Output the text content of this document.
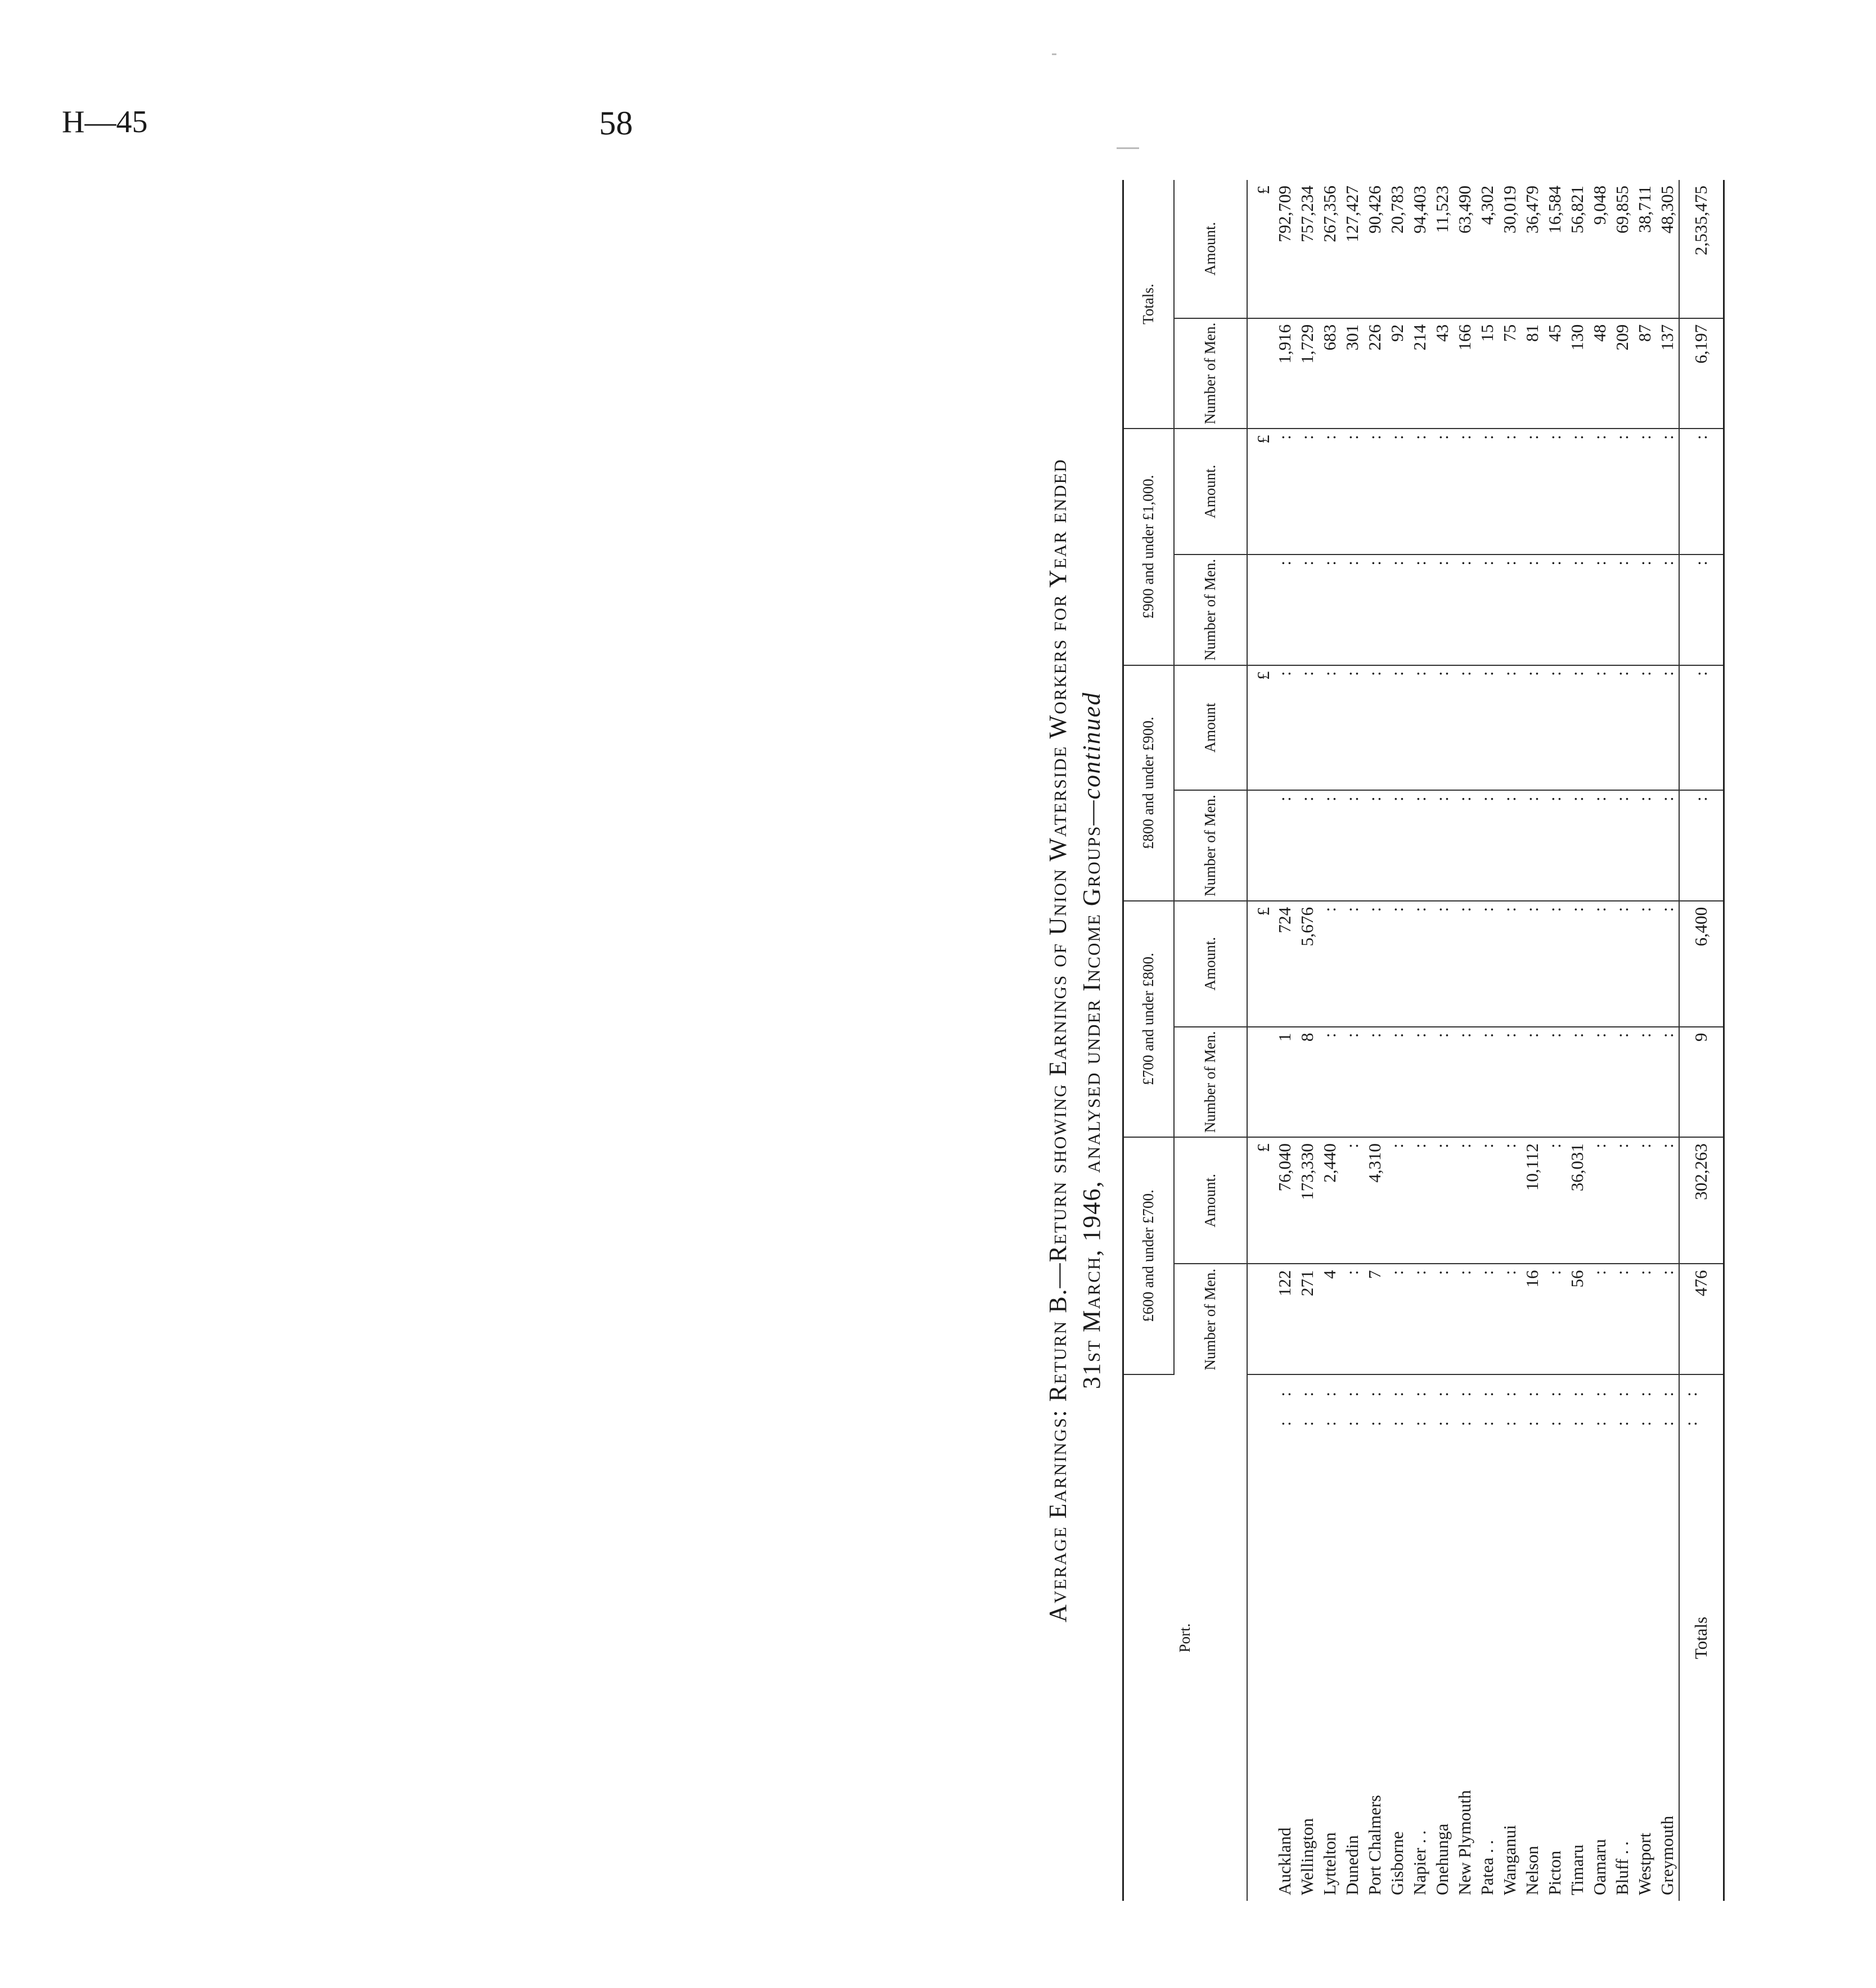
H—45	58
Average Earnings: Return B.—Return showing Earnings of Union Waterside Workers for Year ended 31st March, 1946, analysed under Income Groups—continued
Port.	£600 and under £700.		£700 and under £800.		£800 and under £900.		£900 and under £1,000.		Totals.	
	Number of Men.	Amount.	Number of Men.	Amount.	Number of Men.	Amount	Number of Men.	Amount.	Number of Men.	Amount.
		£		£		£		£		£
Auckland
: :	122	76,040	1	724	:	:	:	:	1,916	792,709
Wellington
: :	271	173,330	8	5,676	:	:	:	:	1,729	757,234
Lyttelton
: :	4	2,440	:	:	:	:	:	:	683	267,356
Dunedin
: :	:	:	:	:	:	:	:	:	301	127,427
Port Chalmers
: :	7	4,310	:	:	:	:	:	:	226	90,426
Gisborne
: :	:	:	:	:	:	:	:	:	92	20,783
Napier . .
: :	:	:	:	:	:	:	:	:	214	94,403
Onehunga
: :	:	:	:	:	:	:	:	:	43	11,523
New Plymouth
: :	:	:	:	:	:	:	:	:	166	63,490
Patea . .
: :	:	:	:	:	:	:	:	:	15	4,302
Wanganui
: :	:	:	:	:	:	:	:	:	75	30,019
Nelson
: :	16	10,112	:	:	:	:	:	:	81	36,479
Picton
: :	:	:	:	:	:	:	:	:	45	16,584
Timaru
: :	56	36,031	:	:	:	:	:	:	130	56,821
Oamaru
: :	:	:	:	:	:	:	:	:	48	9,048
Bluff . .
: :	:	:	:	:	:	:	:	:	209	69,855
Westport
: :	:	:	:	:	:	:	:	:	87	38,711
Greymouth
: :	:	:	:	:	:	:	:	:	137	48,305
Totals
: :	476	302,263	9	6,400	:	:	:	:	6,197	2,535,475
